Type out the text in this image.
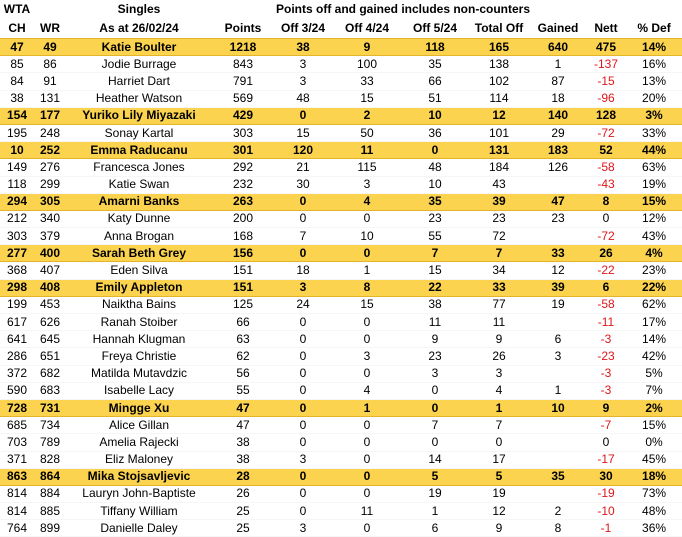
WTA		Singles		Points off and gained includes non-counters						
CH	WR	As at 26/02/24	Points	Off 3/24	Off 4/24	Off 5/24	Total Off	Gained	Nett	% Def
47	49	Katie Boulter	1218	38	9	118	165	640	475	14%
85	86	Jodie Burrage	843	3	100	35	138	1	-137	16%
84	91	Harriet Dart	791	3	33	66	102	87	-15	13%
38	131	Heather Watson	569	48	15	51	114	18	-96	20%
154	177	Yuriko Lily Miyazaki	429	0	2	10	12	140	128	3%
195	248	Sonay Kartal	303	15	50	36	101	29	-72	33%
10	252	Emma Raducanu	301	120	11	0	131	183	52	44%
149	276	Francesca Jones	292	21	115	48	184	126	-58	63%
118	299	Katie Swan	232	30	3	10	43		-43	19%
294	305	Amarni Banks	263	0	4	35	39	47	8	15%
212	340	Katy Dunne	200	0	0	23	23	23	0	12%
303	379	Anna Brogan	168	7	10	55	72		-72	43%
277	400	Sarah Beth Grey	156	0	0	7	7	33	26	4%
368	407	Eden Silva	151	18	1	15	34	12	-22	23%
298	408	Emily Appleton	151	3	8	22	33	39	6	22%
199	453	Naiktha Bains	125	24	15	38	77	19	-58	62%
617	626	Ranah Stoiber	66	0	0	11	11		-11	17%
641	645	Hannah Klugman	63	0	0	9	9	6	-3	14%
286	651	Freya Christie	62	0	3	23	26	3	-23	42%
372	682	Matilda Mutavdzic	56	0	0	3	3		-3	5%
590	683	Isabelle Lacy	55	0	4	0	4	1	-3	7%
728	731	Mingge Xu	47	0	1	0	1	10	9	2%
685	734	Alice Gillan	47	0	0	7	7		-7	15%
703	789	Amelia Rajecki	38	0	0	0	0		0	0%
371	828	Eliz Maloney	38	3	0	14	17		-17	45%
863	864	Mika Stojsavljevic	28	0	0	5	5	35	30	18%
814	884	Lauryn John-Baptiste	26	0	0	19	19		-19	73%
814	885	Tiffany William	25	0	11	1	12	2	-10	48%
764	899	Danielle Daley	25	3	0	6	9	8	-1	36%
